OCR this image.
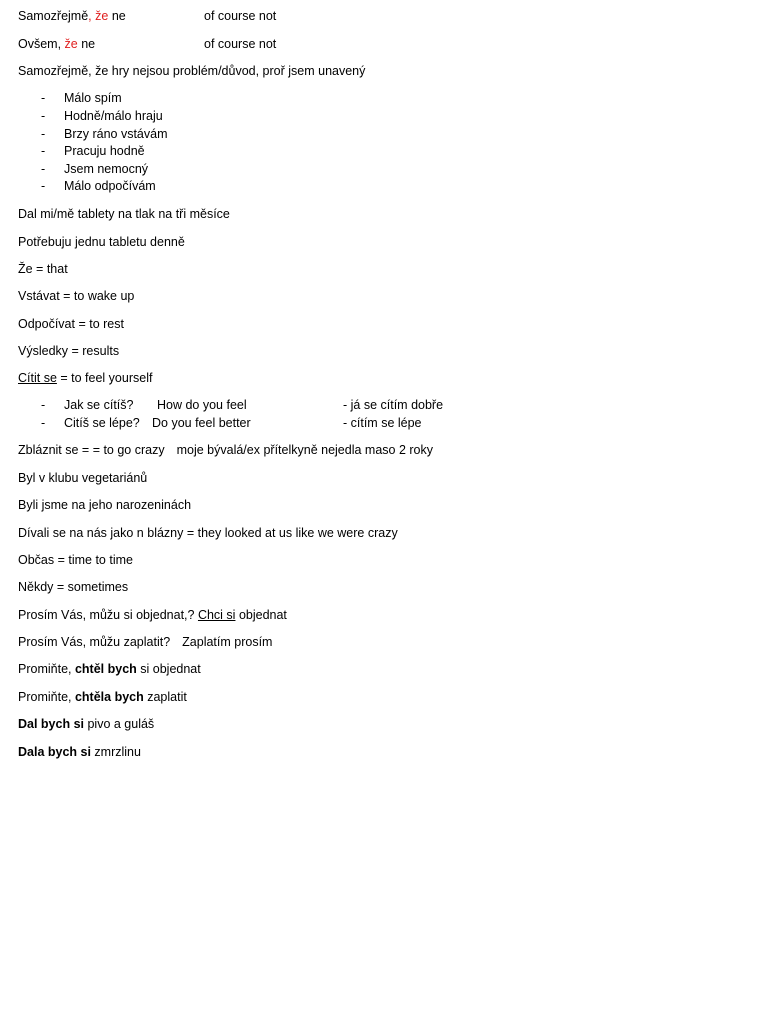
Samozřejmě, že ne	of course not
Ovšem, že ne	of course not
Samozřejmě, že hry nejsou problém/důvod, proř jsem unavený
- Málo spím
- Hodně/málo hraju
- Brzy ráno vstávám
- Pracuju hodně
- Jsem nemocný
- Málo odpočívám
Dal mi/mě tablety na tlak na tři měsíce
Potřebuju jednu tabletu denně
Že = that
Vstávat = to wake up
Odpočívat = to rest
Výsledky = results
Cítit se = to feel yourself
- Jak se cítíš? How do you feel	- já se cítím dobře
- Citíš se lépe? Do you feel better	- cítím se lépe
Zbláznit se = = to go crazy moje bývalá/ex přítelkyně nejedla maso 2 roky
Byl v klubu vegetariánů
Byli jsme na jeho narozeninách
Dívali se na nás jako n blázny = they looked at us like we were crazy
Občas = time to time
Někdy = sometimes
Prosím Vás, můžu si objednat,? Chci si objednat
Prosím Vás, můžu zaplatit? Zaplatím prosím
Promiňte, chtěl bych si objednat
Promiňte, chtěla bych zaplatit
Dal bych si pivo a guláš
Dala bych si zmrzlinu
